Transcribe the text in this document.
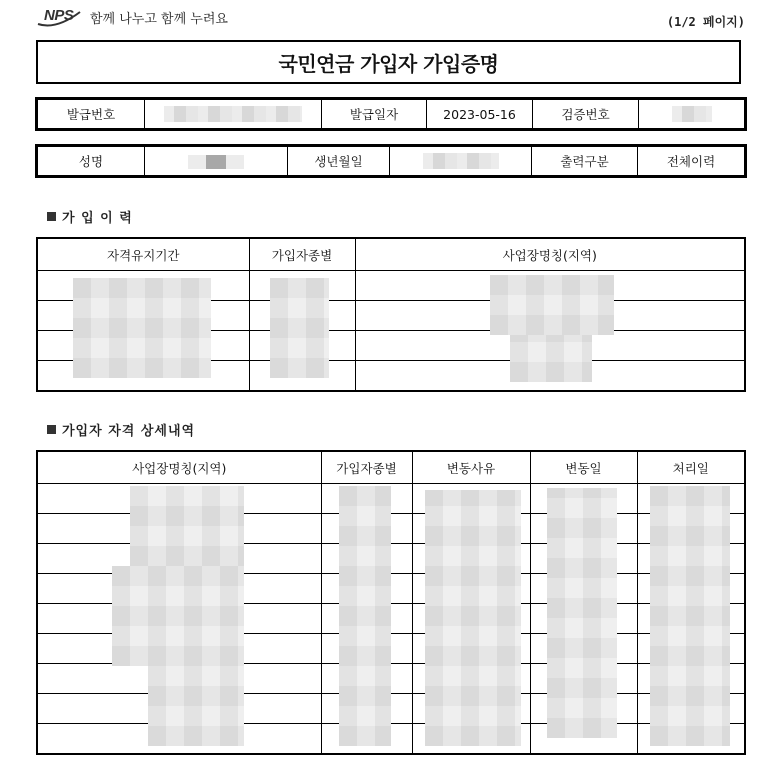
NPS 함께 나누고 함께 누려요	(1/2 페이지)
국민연금 가입자 가입증명
발급번호		발급일자	2023-05-16	검증번호	
성명		생년월일		출력구분	전체이력
가 입 이 력
자격유지기간	가입자종별	사업장명칭(지역)

가입자 자격 상세내역
사업장명칭(지역)	가입자종별	변동사유	변동일	처리일
